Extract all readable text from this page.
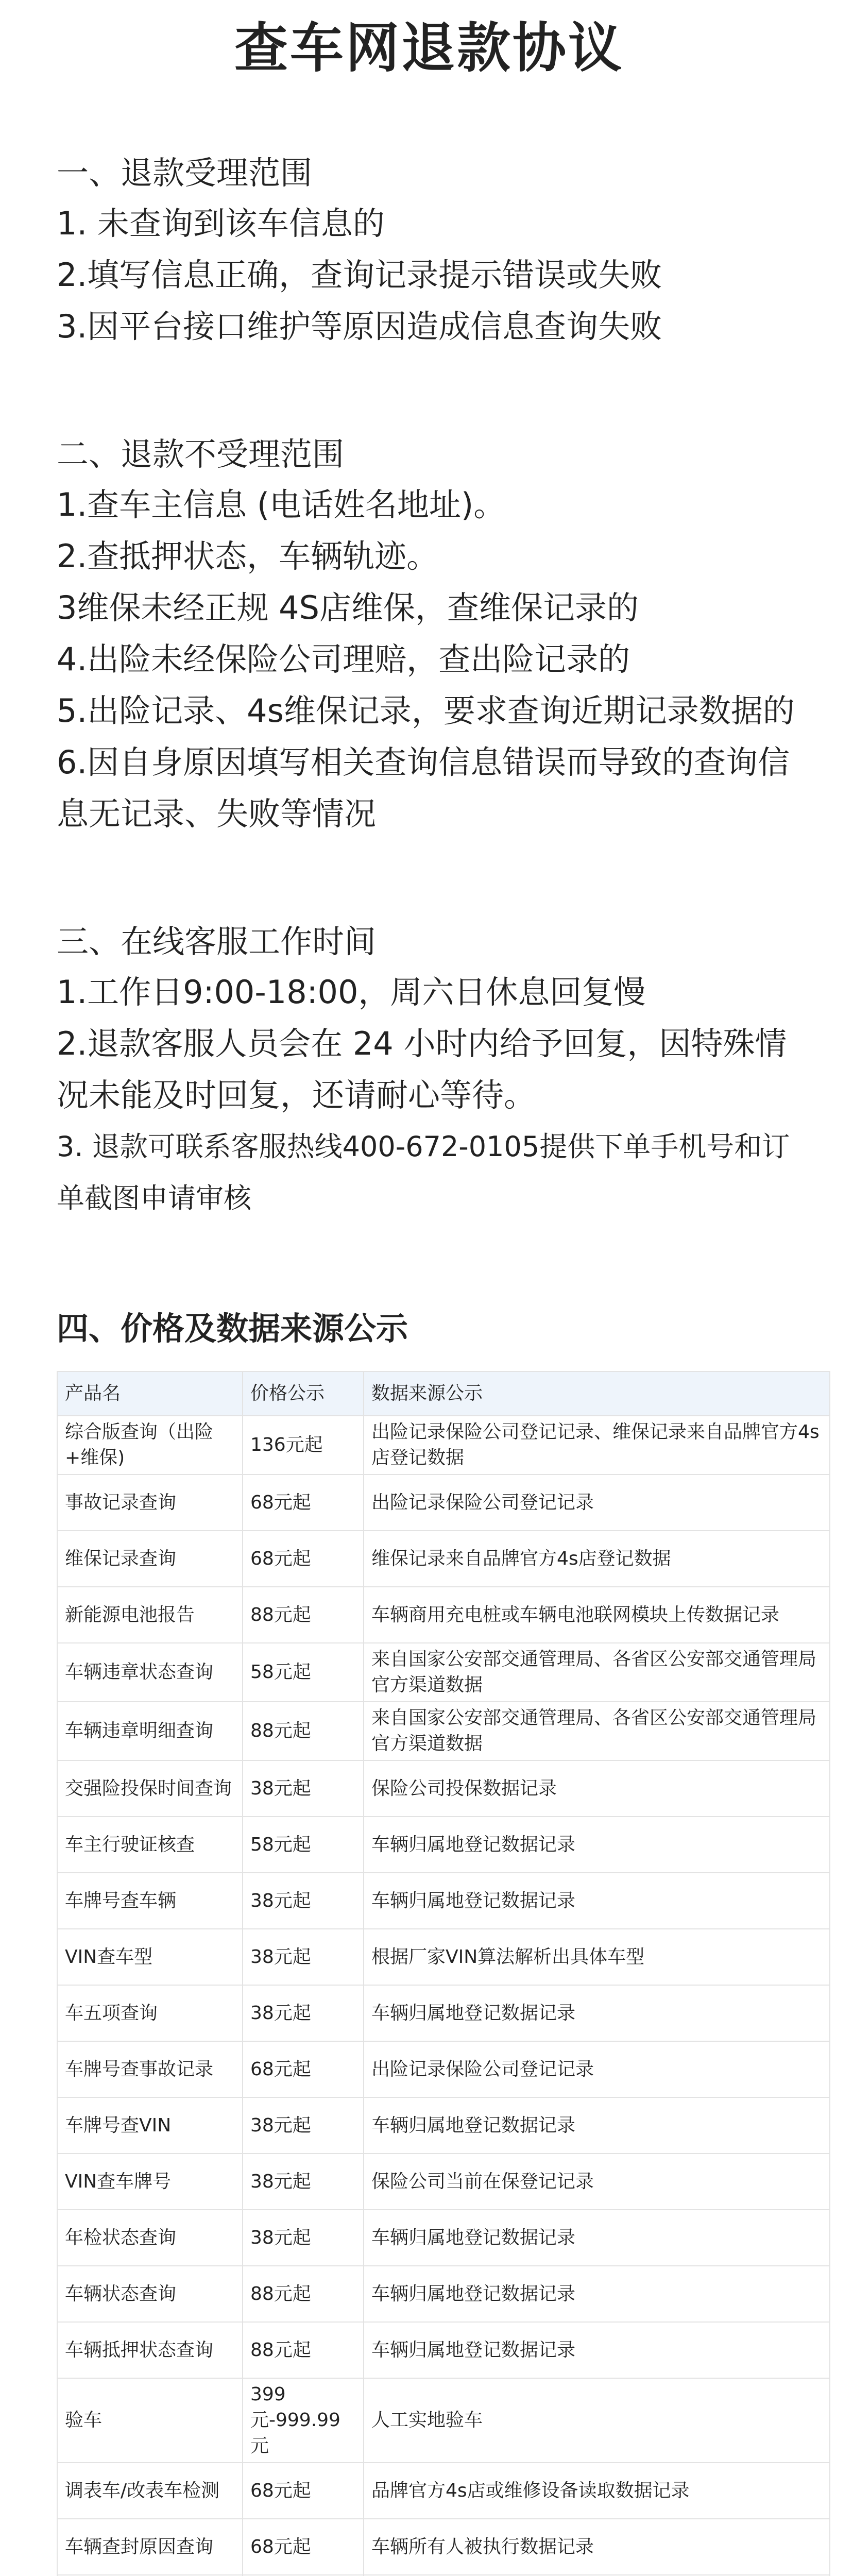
查车网退款协议

一、退款受理范围

1. 未查询到该车信息的

2.填写信息正确，查询记录提示错误或失败

3.因平台接口维护等原因造成信息查询失败

二、退款不受理范围

1.查车主信息 (电话姓名地址)。

2.查抵押状态，车辆轨迹。

3维保未经正规 4S店维保，查维保记录的

4.出险未经保险公司理赔，查出险记录的

5.出险记录、4s维保记录，要求查询近期记录数据的

6.因自身原因填写相关查询信息错误而导致的查询信息无记录、失败等情况

三、在线客服工作时间

1.工作日9:00-18:00，周六日休息回复慢

2.退款客服人员会在 24 小时内给予回复，因特殊情况未能及时回复，还请耐心等待。

3. 退款可联系客服热线400-672-0105提供下单手机号和订单截图申请审核

四、价格及数据来源公示

产品名	价格公示	数据来源公示
综合版查询（出险+维保)	136元起	出险记录保险公司登记记录、维保记录来自品牌官方4s店登记数据
事故记录查询	68元起	出险记录保险公司登记记录
维保记录查询	68元起	维保记录来自品牌官方4s店登记数据
新能源电池报告	88元起	车辆商用充电桩或车辆电池联网模块上传数据记录
车辆违章状态查询	58元起	来自国家公安部交通管理局、各省区公安部交通管理局官方渠道数据
车辆违章明细查询	88元起	来自国家公安部交通管理局、各省区公安部交通管理局官方渠道数据
交强险投保时间查询	38元起	保险公司投保数据记录
车主行驶证核查	58元起	车辆归属地登记数据记录
车牌号查车辆	38元起	车辆归属地登记数据记录
VIN查车型	38元起	根据厂家VIN算法解析出具体车型
车五项查询	38元起	车辆归属地登记数据记录
车牌号查事故记录	68元起	出险记录保险公司登记记录
车牌号查VIN	38元起	车辆归属地登记数据记录
VIN查车牌号	38元起	保险公司当前在保登记记录
年检状态查询	38元起	车辆归属地登记数据记录
车辆状态查询	88元起	车辆归属地登记数据记录
车辆抵押状态查询	88元起	车辆归属地登记数据记录
验车	399元-999.99元	人工实地验车
调表车/改表车检测	68元起	品牌官方4s店或维修设备读取数据记录
车辆查封原因查询	68元起	车辆所有人被执行数据记录
